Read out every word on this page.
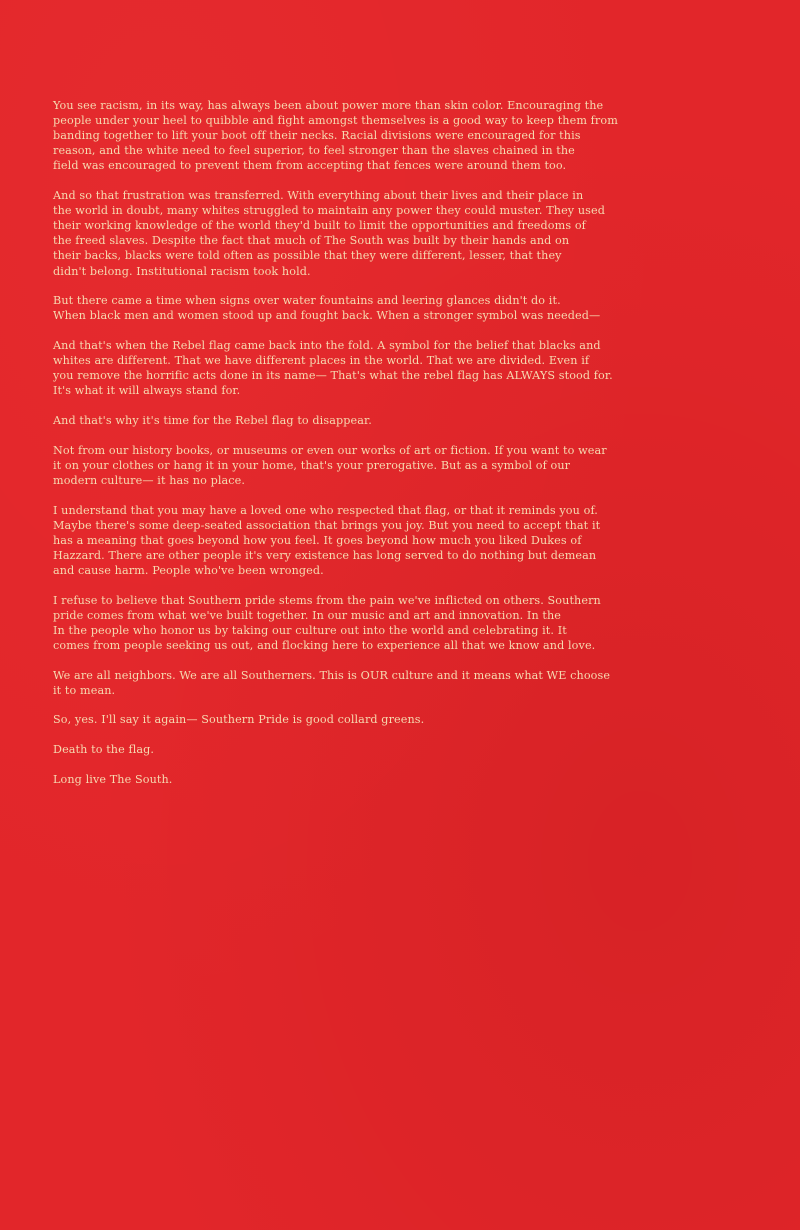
You see racism, in its way, has always been about power more than skin color. Encouraging the
people under your heel to quibble and fight amongst themselves is a good way to keep them from
banding together to lift your boot off their necks. Racial divisions were encouraged for this
reason, and the white need to feel superior, to feel stronger than the slaves chained in the
field was encouraged to prevent them from accepting that fences were around them too.

And so that frustration was transferred. With everything about their lives and their place in
the world in doubt, many whites struggled to maintain any power they could muster. They used
their working knowledge of the world they'd built to limit the opportunities and freedoms of
the freed slaves. Despite the fact that much of The South was built by their hands and on
their backs, blacks were told often as possible that they were different, lesser, that they
didn't belong. Institutional racism took hold.

But there came a time when signs over water fountains and leering glances didn't do it.
When black men and women stood up and fought back. When a stronger symbol was needed—

And that's when the Rebel flag came back into the fold. A symbol for the belief that blacks and
whites are different. That we have different places in the world. That we are divided. Even if
you remove the horrific acts done in its name— That's what the rebel flag has ALWAYS stood for.
It's what it will always stand for.

And that's why it's time for the Rebel flag to disappear.

Not from our history books, or museums or even our works of art or fiction. If you want to wear
it on your clothes or hang it in your home, that's your prerogative. But as a symbol of our
modern culture— it has no place.

I understand that you may have a loved one who respected that flag, or that it reminds you of.
Maybe there's some deep-seated association that brings you joy. But you need to accept that it
has a meaning that goes beyond how you feel. It goes beyond how much you liked Dukes of
Hazzard. There are other people it's very existence has long served to do nothing but demean
and cause harm. People who've been wronged.

I refuse to believe that Southern pride stems from the pain we've inflicted on others. Southern
pride comes from what we've built together. In our music and art and innovation. In the
In the people who honor us by taking our culture out into the world and celebrating it. It
comes from people seeking us out, and flocking here to experience all that we know and love.

We are all neighbors. We are all Southerners. This is OUR culture and it means what WE choose
it to mean.

So, yes. I'll say it again— Southern Pride is good collard greens.

Death to the flag.

Long live The South.
